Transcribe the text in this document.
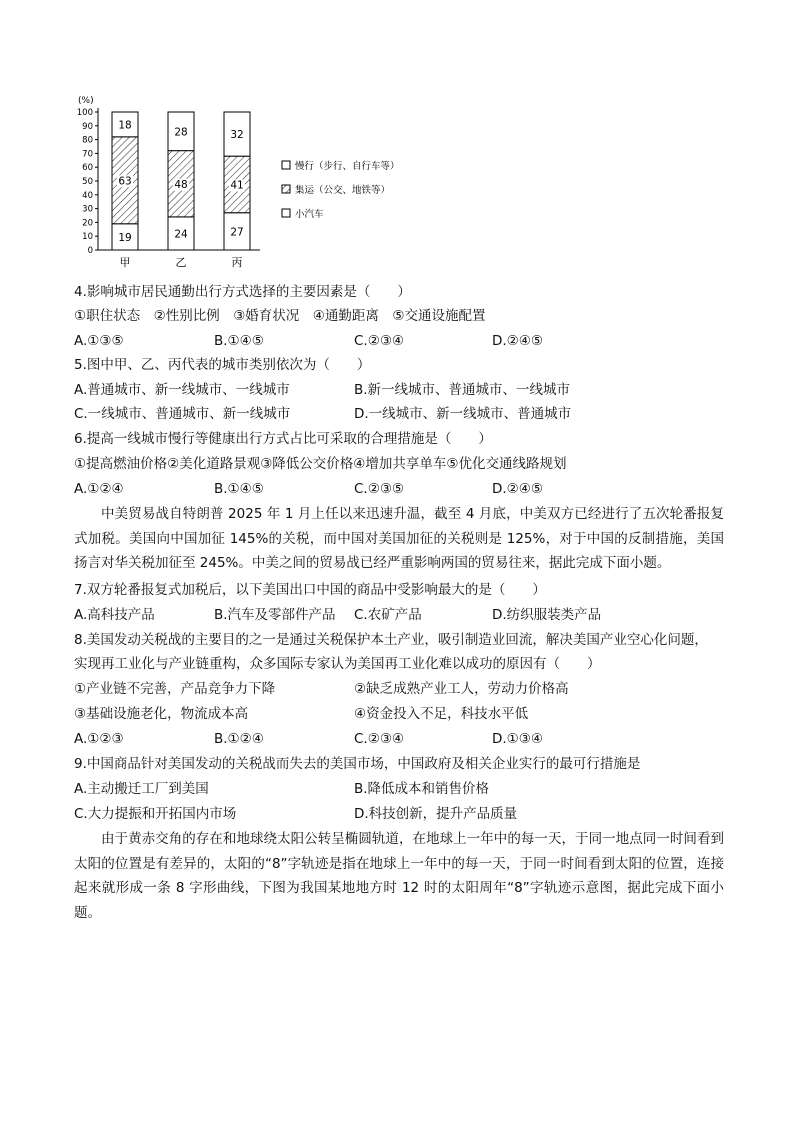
(%)
0
10
20
30
40
50
60
70
80
90
100
19
63
18
24
48
28
27
41
32
甲	乙	丙
慢行（步行、自行车等）
集运（公交、地铁等）
小汽车
4.影响城市居民通勤出行方式选择的主要因素是（　　）
①职住状态　②性别比例　③婚育状况　④通勤距离　⑤交通设施配置
A.①③⑤	B.①④⑤	C.②③④	D.②④⑤
5.图中甲、乙、丙代表的城市类别依次为（　　）
A.普通城市、新一线城市、一线城市	B.新一线城市、普通城市、一线城市
C.一线城市、普通城市、新一线城市	D.一线城市、新一线城市、普通城市
6.提高一线城市慢行等健康出行方式占比可采取的合理措施是（　　）
①提高燃油价格②美化道路景观③降低公交价格④增加共享单车⑤优化交通线路规划
A.①②④	B.①④⑤	C.②③⑤	D.②④⑤
中美贸易战自特朗普 2025 年 1 月上任以来迅速升温，截至 4 月底，中美双方已经进行了五次轮番报复式加税。美国向中国加征 145%的关税，而中国对美国加征的关税则是 125%，对于中国的反制措施，美国扬言对华关税加征至 245%。中美之间的贸易战已经严重影响两国的贸易往来，据此完成下面小题。
7.双方轮番报复式加税后，以下美国出口中国的商品中受影响最大的是（　　）
A.高科技产品	B.汽车及零部件产品 C.农矿产品	D.纺织服装类产品
8.美国发动关税战的主要目的之一是通过关税保护本土产业，吸引制造业回流，解决美国产业空心化问题，
实现再工业化与产业链重构，众多国际专家认为美国再工业化难以成功的原因有（　　）
①产业链不完善，产品竞争力下降	②缺乏成熟产业工人，劳动力价格高
③基础设施老化，物流成本高	④资金投入不足，科技水平低
A.①②③	B.①②④	C.②③④	D.①③④
9.中国商品针对美国发动的关税战而失去的美国市场，中国政府及相关企业实行的最可行措施是
A.主动搬迁工厂到美国	B.降低成本和销售价格
C.大力提振和开拓国内市场	D.科技创新，提升产品质量
由于黄赤交角的存在和地球绕太阳公转呈椭圆轨道，在地球上一年中的每一天，于同一地点同一时间看到太阳的位置是有差异的，太阳的“8”字轨迹是指在地球上一年中的每一天，于同一时间看到太阳的位置，连接起来就形成一条 8 字形曲线，下图为我国某地地方时 12 时的太阳周年“8”字轨迹示意图，据此完成下面小题。
